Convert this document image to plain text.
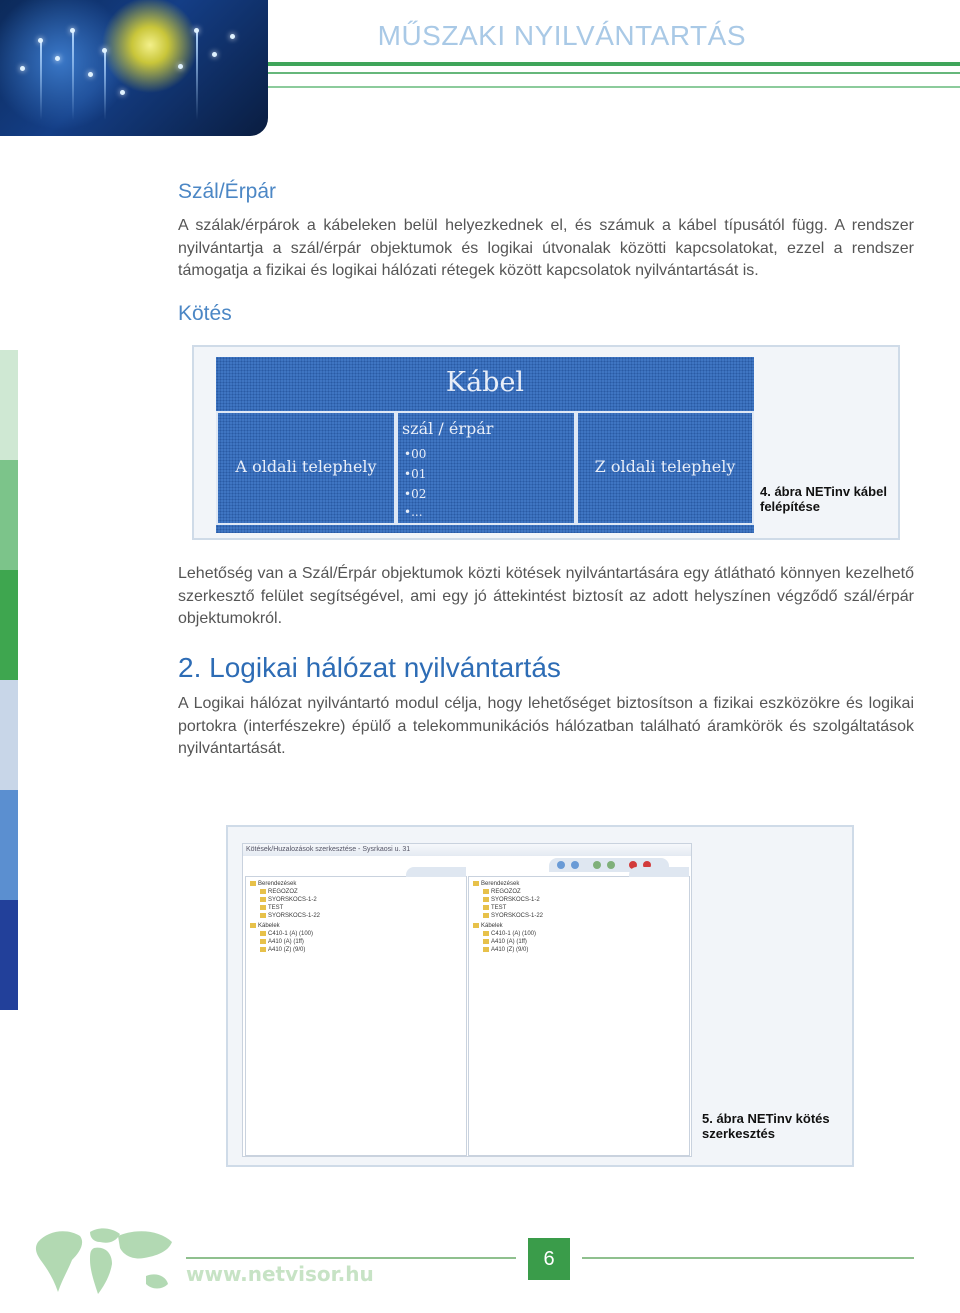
MŰSZAKI NYILVÁNTARTÁS
Szál/Érpár

A szálak/érpárok a kábeleken belül helyezkednek el, és számuk a kábel típusától függ. A rendszer nyilvántartja a szál/érpár objektumok és logikai útvonalak közötti kapcsolatokat, ezzel a rendszer támogatja a fizikai és logikai hálózati rétegek között kapcsolatok nyilvántartását is.

Kötés
Kábel
A oldali telephely
szál / érpár
•00
•01
•02
•...
Z oldali telephely
4. ábra NETinv kábel felépítése

Lehetőség van a Szál/Érpár objektumok közti kötések nyilvántartására egy átlátható könnyen kezelhető szerkesztő felület segítségével, ami egy jó áttekintést biztosít az adott helyszínen végződő szál/érpár objektumokról.

2. Logikai hálózat nyilvántartás

A Logikai hálózat nyilvántartó modul célja, hogy lehetőséget biztosítson a fizikai eszközökre és logikai portokra (interfészekre) épülő a telekommunikációs hálózatban található áramkörök és szolgáltatások nyilvántartását.

Kötések/Huzalozások szerkesztése - Sysrkaosi u. 31
Berendezések
REGOZOZ
SYORSKOCS-1-2
TEST
SYORSKOCS-1-22
Kábelek
C410-1 (A) (100)
A410 (A) (1ff)
A410 (Z) (9/0)
Berendezések
REGOZOZ
SYORSKOCS-1-2
TEST
SYORSKOCS-1-22
Kábelek
C410-1 (A) (100)
A410 (A) (1ff)
A410 (Z) (9/0)
5. ábra NETinv kötés szerkesztés
www.netvisor.hu
6
